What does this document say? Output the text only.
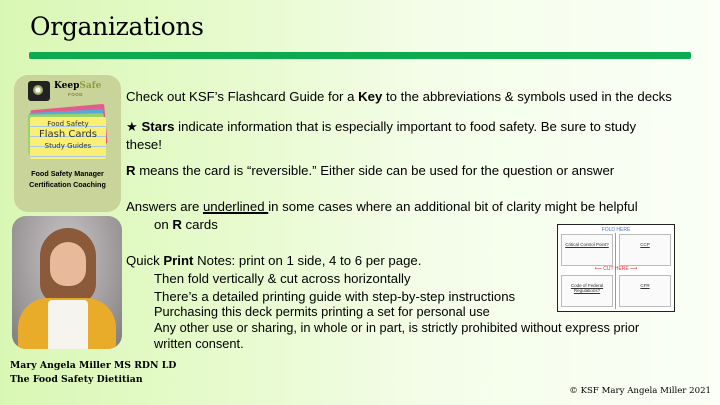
Organizations
KeepSafe
FOOD
Food Safety
Flash Cards
Study Guides
Food Safety Manager
Certification Coaching
Mary Angela Miller MS RDN LD
The Food Safety Dietitian
Check out KSF’s Flashcard Guide for a Key to the abbreviations & symbols used in the decks
★ Stars indicate information that is especially important to food safety. Be sure to study
these!
R means the card is “reversible.” Either side can be used for the question or answer
Answers are underlined in some cases where an additional bit of clarity might be helpful
on R cards
Quick Print Notes: print on 1 side, 4 to 6 per page.
Then fold vertically & cut across horizontally
There’s a detailed printing guide with step-by-step instructions
Purchasing this deck permits printing a set for personal use
Any other use or sharing, in whole or in part, is strictly prohibited without express prior
written consent.
FOLD HERE
Critical Control Point?	CCP
⟵ CUT HERE ⟶
Code of Federal Regulations?
CFR
© KSF Mary Angela Miller 2021
